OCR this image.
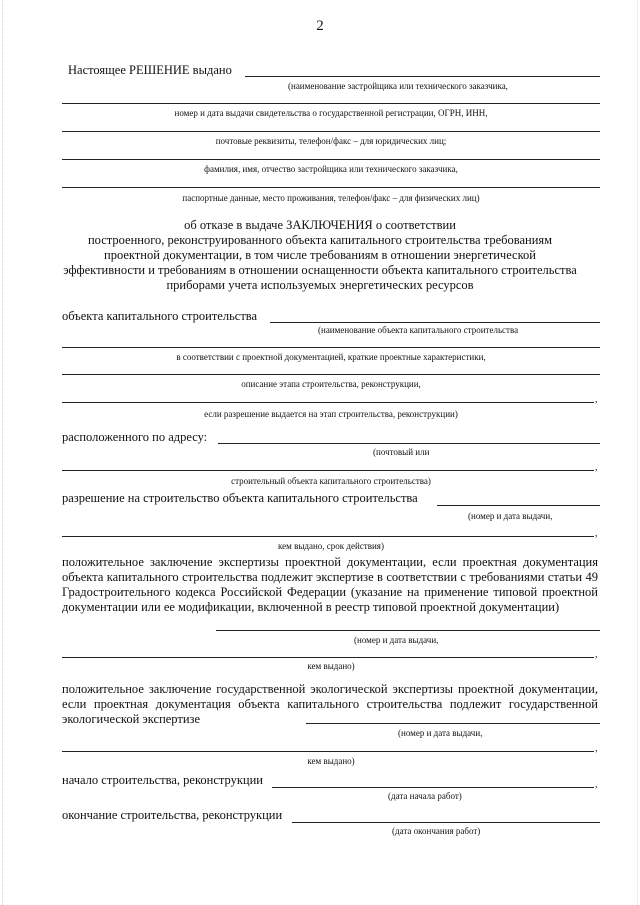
2
Настоящее РЕШЕНИЕ выдано
(наименование застройщика или технического заказчика,
номер и дата выдачи свидетельства о государственной регистрации, ОГРН, ИНН,
почтовые реквизиты, телефон/факс – для юридических лиц;
фамилия, имя, отчество застройщика или технического заказчика,
паспортные данные, место проживания, телефон/факс – для физических лиц)
об отказе в выдаче ЗАКЛЮЧЕНИЯ о соответствии
построенного, реконструированного объекта капитального строительства требованиям
проектной документации, в том числе требованиям в отношении энергетической
эффективности и требованиям в отношении оснащенности объекта капитального строительства
приборами учета используемых энергетических ресурсов
объекта капитального строительства
(наименование объекта капитального строительства
в соответствии с проектной документацией, краткие проектные характеристики,
описание этапа строительства, реконструкции,
,
если разрешение выдается на этап строительства, реконструкции)
расположенного по адресу:
(почтовый или
,
строительный объекта капитального строительства)
разрешение на строительство объекта капитального строительства
(номер и дата выдачи,
,
кем выдано, срок действия)
положительное заключение экспертизы проектной документации, если проектная документация объекта капитального строительства подлежит экспертизе в соответствии с требованиями статьи 49 Градостроительного кодекса Российской Федерации (указание на применение типовой проектной документации или ее модификации, включенной в реестр типовой проектной документации)
(номер и дата выдачи,
,
кем выдано)
положительное заключение государственной экологической экспертизы проектной документации, если проектная документация объекта капитального строительства подлежит государственной экологической экспертизе
(номер и дата выдачи,
,
кем выдано)
начало строительства, реконструкции	,
(дата начала работ)
окончание строительства, реконструкции
(дата окончания работ)
